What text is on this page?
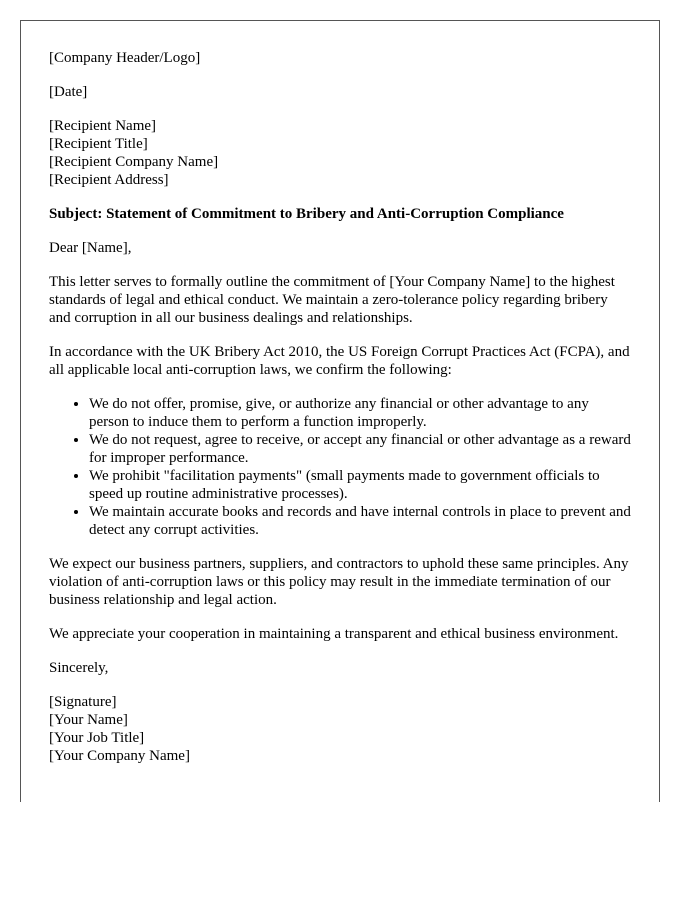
[Company Header/Logo]
[Date]
[Recipient Name]
[Recipient Title]
[Recipient Company Name]
[Recipient Address]
Subject: Statement of Commitment to Bribery and Anti-Corruption Compliance
Dear [Name],

This letter serves to formally outline the commitment of [Your Company Name] to the highest standards of legal and ethical conduct. We maintain a zero-tolerance policy regarding bribery and corruption in all our business dealings and relationships.

In accordance with the UK Bribery Act 2010, the US Foreign Corrupt Practices Act (FCPA), and all applicable local anti-corruption laws, we confirm the following:

• We do not offer, promise, give, or authorize any financial or other advantage to any person to induce them to perform a function improperly.
• We do not request, agree to receive, or accept any financial or other advantage as a reward for improper performance.
• We prohibit "facilitation payments" (small payments made to government officials to speed up routine administrative processes).
• We maintain accurate books and records and have internal controls in place to prevent and detect any corrupt activities.

We expect our business partners, suppliers, and contractors to uphold these same principles. Any violation of anti-corruption laws or this policy may result in the immediate termination of our business relationship and legal action.

We appreciate your cooperation in maintaining a transparent and ethical business environment.

Sincerely,
[Signature]
[Your Name]
[Your Job Title]
[Your Company Name]
